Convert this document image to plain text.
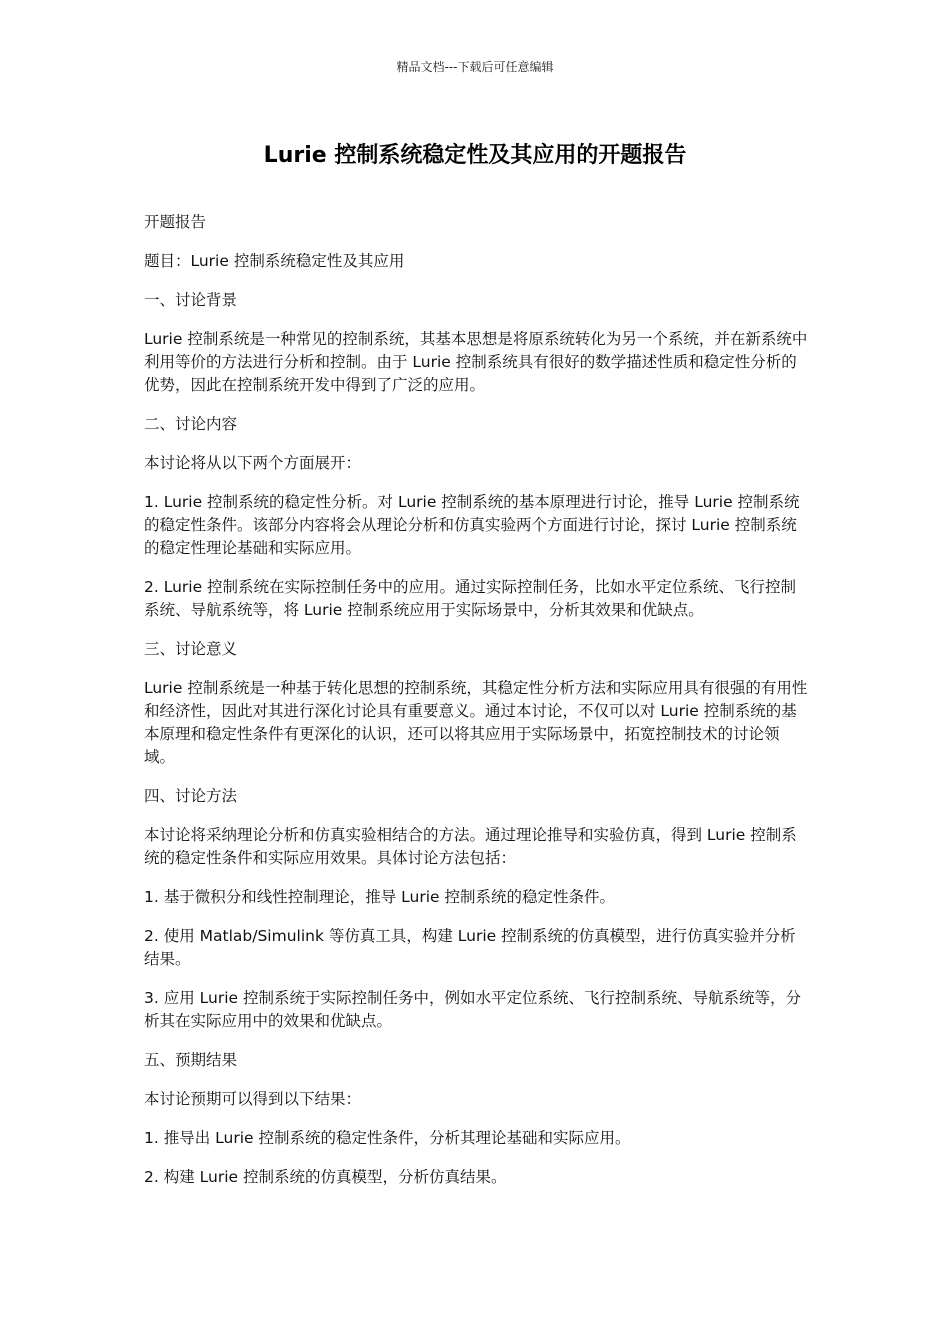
精品文档---下载后可任意编辑
Lurie 控制系统稳定性及其应用的开题报告

开题报告

题目：Lurie 控制系统稳定性及其应用

一、讨论背景

Lurie 控制系统是一种常见的控制系统，其基本思想是将原系统转化为另一个系统，并在新系统中利用等价的方法进行分析和控制。由于 Lurie 控制系统具有很好的数学描述性质和稳定性分析的优势，因此在控制系统开发中得到了广泛的应用。

二、讨论内容

本讨论将从以下两个方面展开：

1. Lurie 控制系统的稳定性分析。对 Lurie 控制系统的基本原理进行讨论，推导 Lurie 控制系统的稳定性条件。该部分内容将会从理论分析和仿真实验两个方面进行讨论，探讨 Lurie 控制系统的稳定性理论基础和实际应用。

2. Lurie 控制系统在实际控制任务中的应用。通过实际控制任务，比如水平定位系统、飞行控制系统、导航系统等，将 Lurie 控制系统应用于实际场景中，分析其效果和优缺点。

三、讨论意义

Lurie 控制系统是一种基于转化思想的控制系统，其稳定性分析方法和实际应用具有很强的有用性和经济性，因此对其进行深化讨论具有重要意义。通过本讨论，不仅可以对 Lurie 控制系统的基本原理和稳定性条件有更深化的认识，还可以将其应用于实际场景中，拓宽控制技术的讨论领域。

四、讨论方法

本讨论将采纳理论分析和仿真实验相结合的方法。通过理论推导和实验仿真，得到 Lurie 控制系统的稳定性条件和实际应用效果。具体讨论方法包括：

1. 基于微积分和线性控制理论，推导 Lurie 控制系统的稳定性条件。

2. 使用 Matlab/Simulink 等仿真工具，构建 Lurie 控制系统的仿真模型，进行仿真实验并分析结果。

3. 应用 Lurie 控制系统于实际控制任务中，例如水平定位系统、飞行控制系统、导航系统等，分析其在实际应用中的效果和优缺点。

五、预期结果

本讨论预期可以得到以下结果：

1. 推导出 Lurie 控制系统的稳定性条件，分析其理论基础和实际应用。

2. 构建 Lurie 控制系统的仿真模型，分析仿真结果。
